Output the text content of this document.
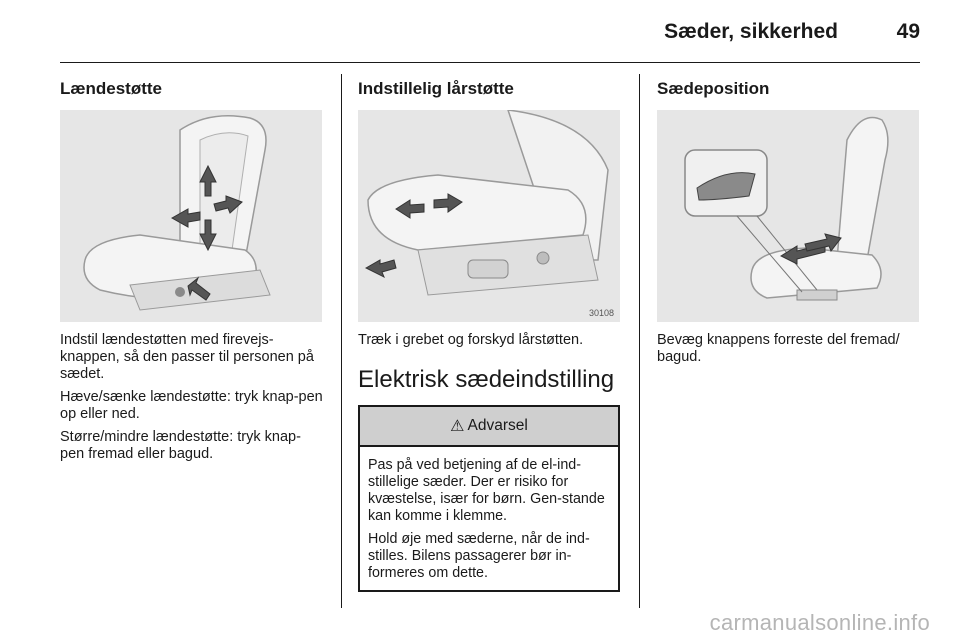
Sæder, sikkerhed	49
Lændestøtte

Indstil lændestøtten med firevejs-knappen, så den passer til personen på sædet.

Hæve/sænke lændestøtte: tryk knap-pen op eller ned.

Større/mindre lændestøtte: tryk knap-pen fremad eller bagud.

Indstillelig lårstøtte
30108

Træk i grebet og forskyd lårstøtten.

Elektrisk sædeindstilling
⚠ Advarsel

Pas på ved betjening af de el-ind-stillelige sæder. Der er risiko for kvæstelse, især for børn. Gen-stande kan komme i klemme.

Hold øje med sæderne, når de ind-stilles. Bilens passagerer bør in-formeres om dette.

Sædeposition

Bevæg knappens forreste del fremad/ bagud.

carmanualsonline.info
